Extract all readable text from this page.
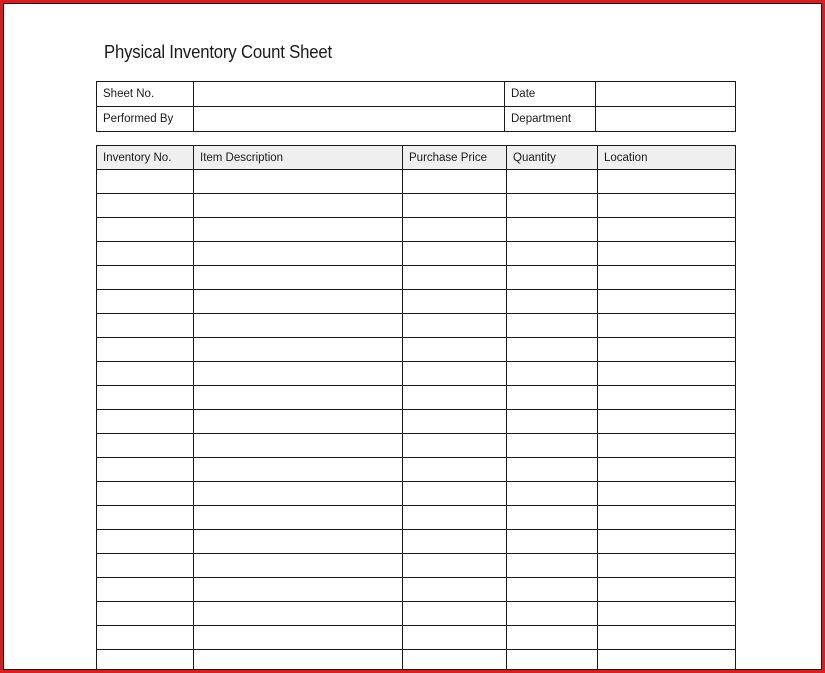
Physical Inventory Count Sheet
Sheet No.		Date	
Performed By		Department	
Inventory No.	Item Description	Purchase Price	Quantity	Location
